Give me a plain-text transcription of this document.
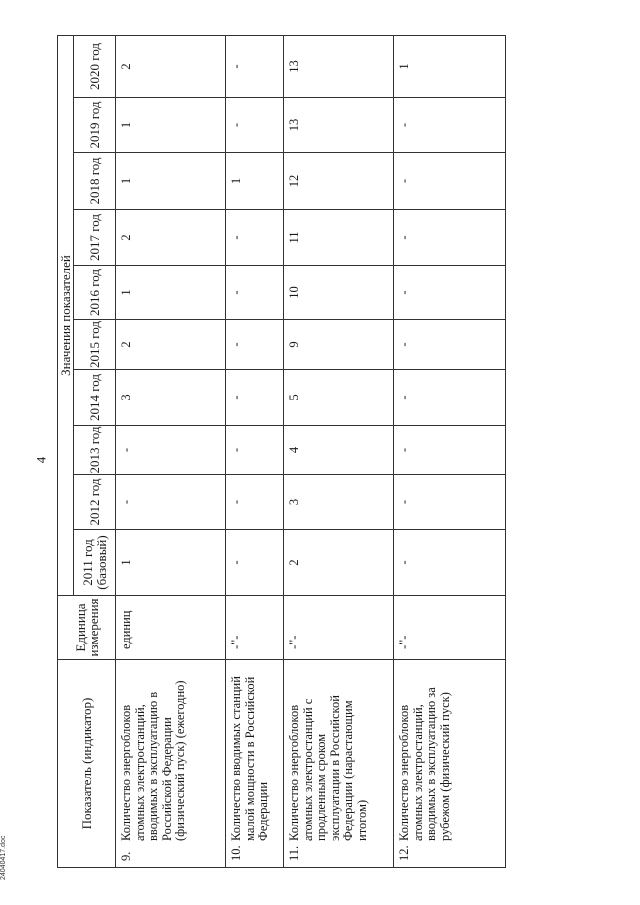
4
Показатель (индикатор)	Единица измерения	Значения показателей									
		2011 год (базовый)	2012 год	2013 год	2014 год	2015 год	2016 год	2017 год	2018 год	2019 год	2020 год
9.Количество энергоблоков атомных электростанций, вводимых в эксплуатацию в Российской Федерации (физический пуск) (ежегодно)	единиц	1	-	-	3	2	1	2	1	1	2
10.Количество вводимых станций малой мощности в Российской Федерации	-"-	-	-	-	-	-	-	-	1	-	-
11.Количество энергоблоков атомных электростанций с продленным сроком эксплуатации в Российской Федерации (нарастающим итогом)	-"-	2	3	4	5	9	10	11	12	13	13
12.Количество энергоблоков атомных электростанций, вводимых в эксплуатацию за рубежом (физический пуск)	-"-	-	-	-	-	-	-	-	-	-	1
24040417.doc
